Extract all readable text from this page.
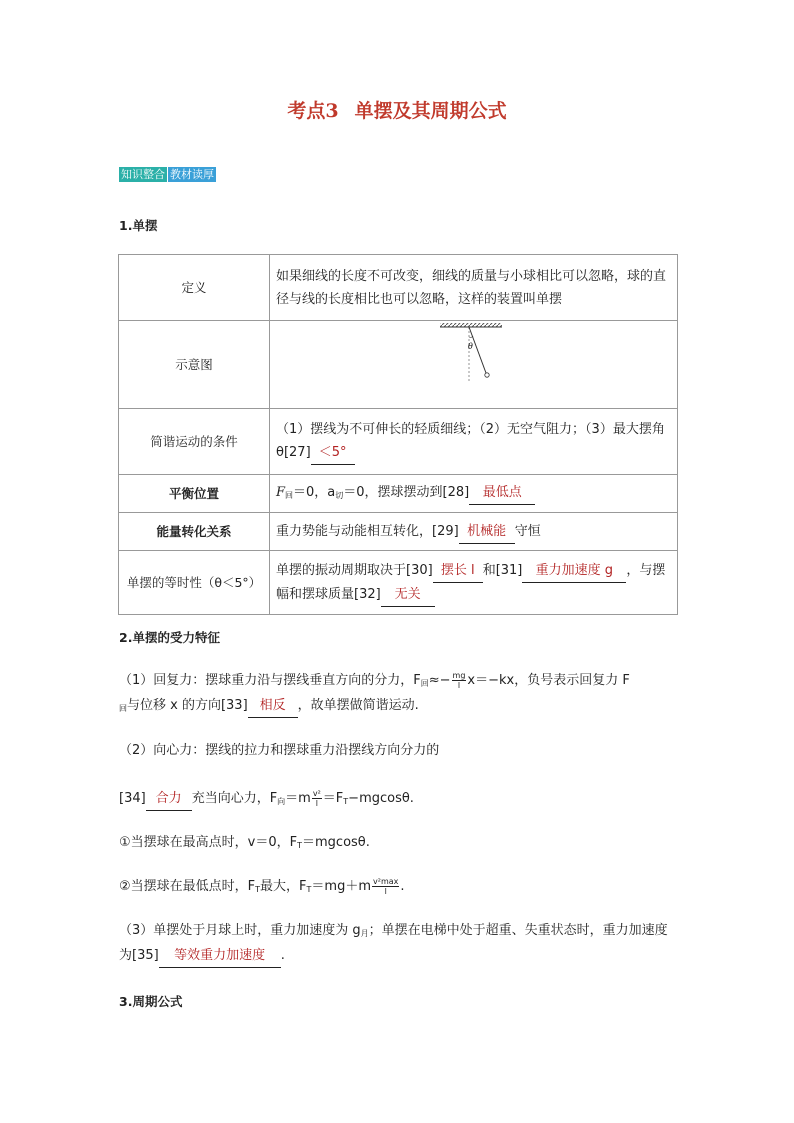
考点3 单摆及其周期公式
知识整合 教材读厚
1.单摆
定义	如果细线的长度不可改变，细线的质量与小球相比可以忽略，球的直径与线的长度相比也可以忽略，这样的装置叫单摆
示意图	θ

简谐运动的条件	（1）摆线为不可伸长的轻质细线；（2）无空气阻力；（3）最大摆角 θ[27] ＜5°
平衡位置	$F_回=0$，$a_切=0$，摆球摆动到[28] 最低点
能量转化关系	重力势能与动能相互转化，[29] 机械能 守恒
单摆的等时性（θ＜5°）	单摆的振动周期取决于[30] 摆长 l 和[31] 重力加速度 g ，与摆幅和摆球质量[32] 无关
2.单摆的受力特征
（1）回复力：摆球重力沿与摆线垂直方向的分力，$F_回\approx- \frac{mg}{l} x=-kx$，负号表示回复力 F
$_回$与位移 x 的方向[33] 相反 ，故单摆做简谐运动.
（2）向心力：摆线的拉力和摆球重力沿摆线方向分力的
[34] 合力 充当向心力，$F_向=m \frac{\text{v²}}{l} =F_T-mgcos\theta$.
①当摆球在最高点时，v＝0，$F_T=mgcos\theta$.
②当摆球在最低点时，$F_T$最大，$F_T=mg+m \frac{\text{v²max}}{l}$ .
（3）单摆处于月球上时，重力加速度为 $g_月$；单摆在电梯中处于超重、失重状态时，重力加速度为[35] 等效重力加速度 .
3.周期公式
